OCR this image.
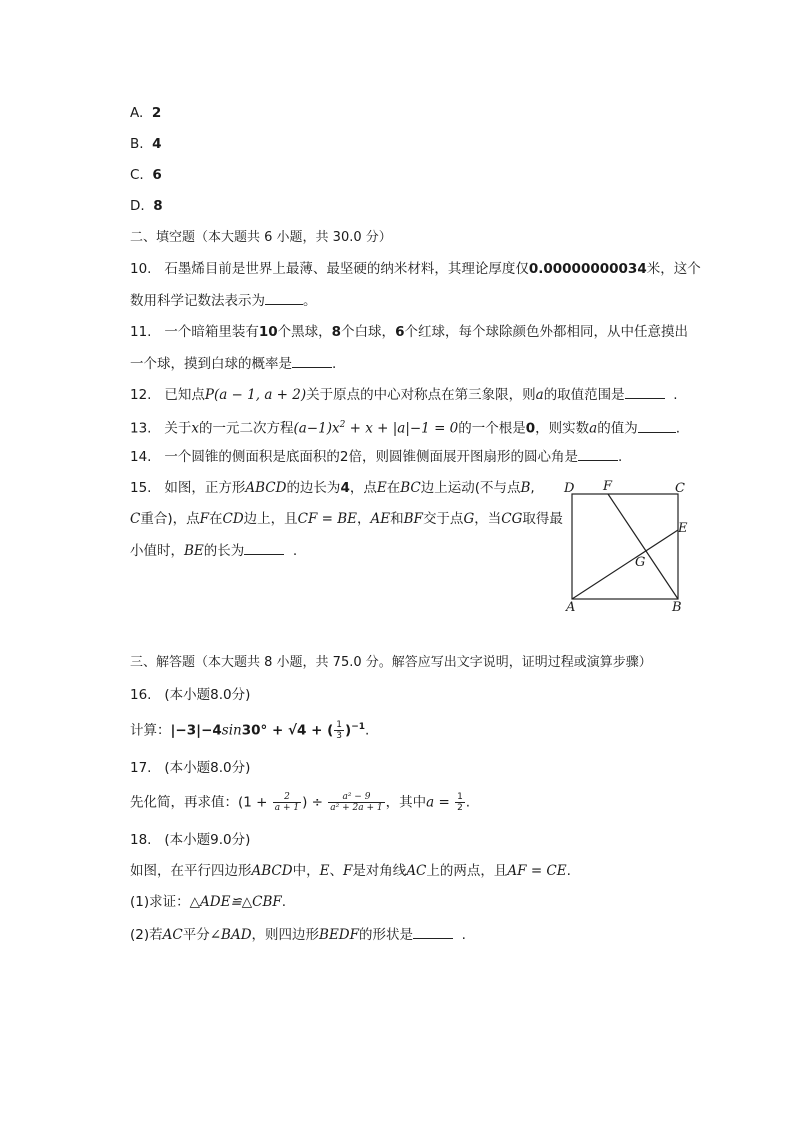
A. 2
B. 4
C. 6
D. 8
二、填空题（本大题共 6 小题，共 30.0 分）
10. 石墨烯目前是世界上最薄、最坚硬的纳米材料，其理论厚度仅0.00000000034米，这个
数用科学记数法表示为	。
11. 一个暗箱里装有10个黑球，8个白球，6个红球，每个球除颜色外都相同，从中任意摸出
一个球，摸到白球的概率是	.
12. 已知点P(a − 1, a + 2)关于原点的中心对称点在第三象限，则a的取值范围是	.
13. 关于x的一元二次方程$(a-1)x^2 + x + |a|-1 = 0$的一个根是0，则实数a的值为	.
14. 一个圆锥的侧面积是底面积的2倍，则圆锥侧面展开图扇形的圆心角是	.
15. 如图，正方形ABCD的边长为4，点E在BC边上运动(不与点B,
C重合)，点F在CD边上，且CF = BE，AE和BF交于点G，当CG取得最
小值时，BE的长为	.
D F	C
E
G
A	B
三、解答题（本大题共 8 小题，共 75.0 分。解答应写出文字说明，证明过程或演算步骤）
16. (本小题8.0分)
计算：|−3|−4sin30° + √4 + ( $\frac{1}{3} )^{-1}$.
17. (本小题8.0分)
先化简，再求值：($1 + \frac{2}{a + 1}$ ) ÷ $\frac{\text{a² − 9}}{\text{a² + 2a + 1}}$ ，其中$a = \frac{1}{2}$ .
18. (本小题9.0分)
如图，在平行四边形ABCD中，E、F是对角线AC上的两点，且AF = CE.
(1)求证：△ADE≌△CBF.
(2)若AC平分∠BAD，则四边形BEDF的形状是	.
